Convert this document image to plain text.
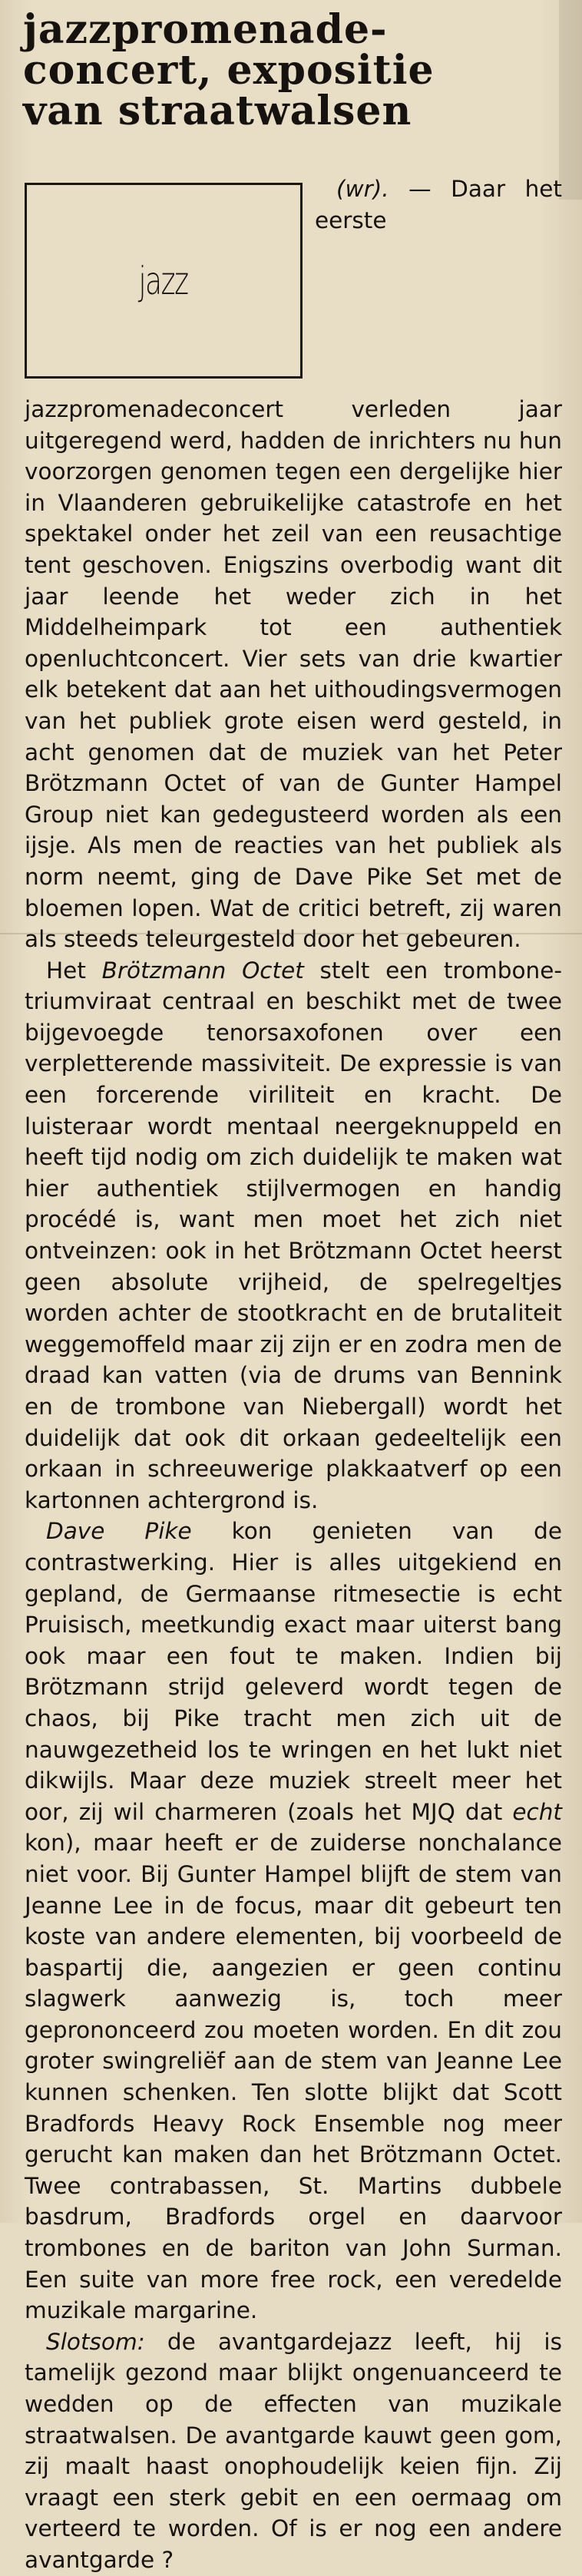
jazzpromenade-
concert, expositie
van straatwalsen
jazz

(wr). — Daar het eerste jazzpromenadeconcert verleden jaar uitgeregend werd, hadden de inrichters nu hun voorzorgen genomen tegen een dergelijke hier in Vlaanderen gebruikelijke catastrofe en het spektakel onder het zeil van een reusachtige tent geschoven. Enigszins overbodig want dit jaar leende het weder zich in het Middelheimpark tot een authentiek openluchtconcert. Vier sets van drie kwartier elk betekent dat aan het uithoudingsvermogen van het publiek grote eisen werd gesteld, in acht genomen dat de muziek van het Peter Brötzmann Octet of van de Gunter Hampel Group niet kan gedegusteerd worden als een ijsje. Als men de reacties van het publiek als norm neemt, ging de Dave Pike Set met de bloemen lopen. Wat de critici betreft, zij waren als steeds teleurgesteld door het gebeuren.

Het Brötzmann Octet stelt een trombone-triumviraat centraal en beschikt met de twee bijgevoegde tenorsaxofonen over een verpletterende massiviteit. De expressie is van een forcerende viriliteit en kracht. De luisteraar wordt mentaal neergeknuppeld en heeft tijd nodig om zich duidelijk te maken wat hier authentiek stijlvermogen en handig procédé is, want men moet het zich niet ontveinzen: ook in het Brötzmann Octet heerst geen absolute vrijheid, de spelregeltjes worden achter de stootkracht en de brutaliteit weggemoffeld maar zij zijn er en zodra men de draad kan vatten (via de drums van Bennink en de trombone van Niebergall) wordt het duidelijk dat ook dit orkaan gedeeltelijk een orkaan in schreeuwerige plakkaatverf op een kartonnen achtergrond is.

Dave Pike kon genieten van de contrastwerking. Hier is alles uitgekiend en gepland, de Germaanse ritmesectie is echt Pruisisch, meetkundig exact maar uiterst bang ook maar een fout te maken. Indien bij Brötzmann strijd geleverd wordt tegen de chaos, bij Pike tracht men zich uit de nauwgezetheid los te wringen en het lukt niet dikwijls. Maar deze muziek streelt meer het oor, zij wil charmeren (zoals het MJQ dat echt kon), maar heeft er de zuiderse nonchalance niet voor. Bij Gunter Hampel blijft de stem van Jeanne Lee in de focus, maar dit gebeurt ten koste van andere elementen, bij voorbeeld de baspartij die, aangezien er geen continu slagwerk aanwezig is, toch meer geprononceerd zou moeten worden. En dit zou groter swingreliëf aan de stem van Jeanne Lee kunnen schenken. Ten slotte blijkt dat Scott Bradfords Heavy Rock Ensemble nog meer gerucht kan maken dan het Brötzmann Octet. Twee contrabassen, St. Martins dubbele basdrum, Bradfords orgel en daarvoor trombones en de bariton van John Surman. Een suite van more free rock, een veredelde muzikale margarine.

Slotsom: de avantgardejazz leeft, hij is tamelijk gezond maar blijkt ongenuanceerd te wedden op de effecten van muzikale straatwalsen. De avantgarde kauwt geen gom, zij maalt haast onophoudelijk keien fijn. Zij vraagt een sterk gebit en een oermaag om verteerd te worden. Of is er nog een andere avantgarde ?
